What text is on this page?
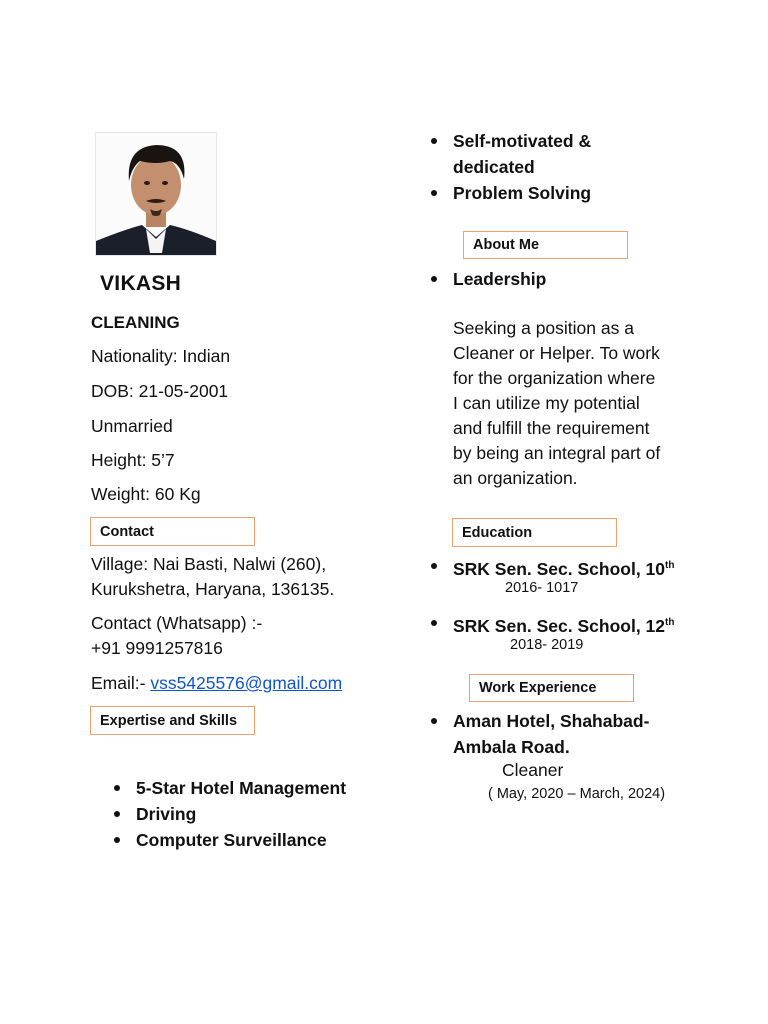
VIKASH
CLEANING
Nationality: Indian
DOB: 21-05-2001
Unmarried
Height: 5’7
Weight: 60 Kg
Contact
Village: Nai Basti, Nalwi (260),
Kurukshetra, Haryana, 136135.
Contact (Whatsapp) :-
+91 9991257816
Email:- vss5425576@gmail.com
Expertise and Skills
5-Star Hotel Management
Driving
Computer Surveillance
Self-motivated &
dedicated
Problem Solving
About Me
Leadership
Seeking a position as a
Cleaner or Helper. To work
for the organization where
I can utilize my potential
and fulfill the requirement
by being an integral part of
an organization.
Education
SRK Sen. Sec. School, 10th
2016- 1017
SRK Sen. Sec. School, 12th
2018- 2019
Work Experience
Aman Hotel, Shahabad-
Ambala Road.
Cleaner
( May, 2020 – March, 2024)
